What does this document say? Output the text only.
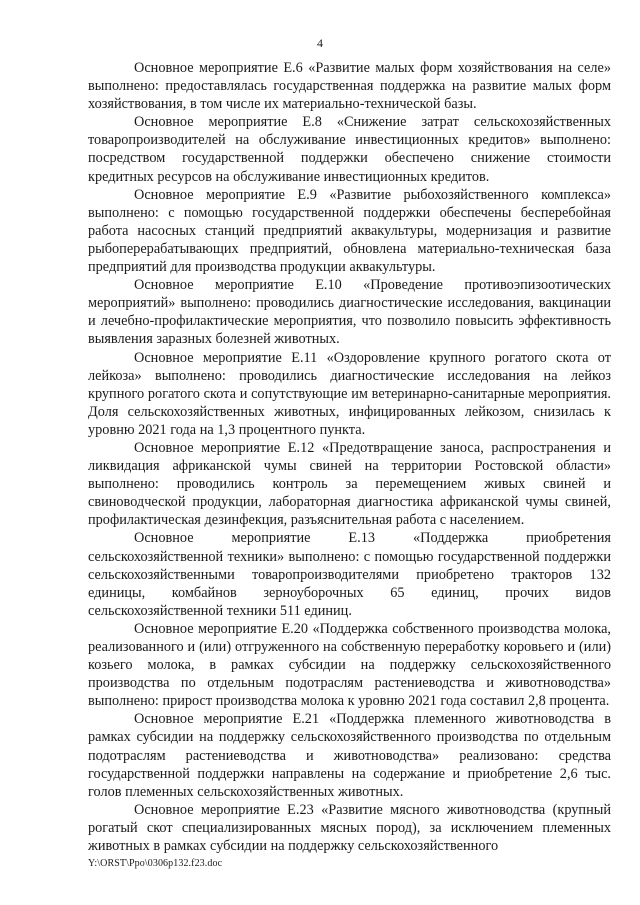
4

Основное мероприятие Е.6 «Развитие малых форм хозяйствования на селе» выполнено: предоставлялась государственная поддержка на развитие малых форм хозяйствования, в том числе их материально-технической базы.

Основное мероприятие Е.8 «Снижение затрат сельскохозяйственных товаропроизводителей на обслуживание инвестиционных кредитов» выполнено: посредством государственной поддержки обеспечено снижение стоимости кредитных ресурсов на обслуживание инвестиционных кредитов.

Основное мероприятие Е.9 «Развитие рыбохозяйственного комплекса» выполнено: с помощью государственной поддержки обеспечены бесперебойная работа насосных станций предприятий аквакультуры, модернизация и развитие рыбоперерабатывающих предприятий, обновлена материально-техническая база предприятий для производства продукции аквакультуры.

Основное мероприятие Е.10 «Проведение противоэпизоотических мероприятий» выполнено: проводились диагностические исследования, вакцинации и лечебно-профилактические мероприятия, что позволило повысить эффективность выявления заразных болезней животных.

Основное мероприятие Е.11 «Оздоровление крупного рогатого скота от лейкоза» выполнено: проводились диагностические исследования на лейкоз крупного рогатого скота и сопутствующие им ветеринарно-санитарные мероприятия. Доля сельскохозяйственных животных, инфицированных лейкозом, снизилась к уровню 2021 года на 1,3 процентного пункта.

Основное мероприятие Е.12 «Предотвращение заноса, распространения и ликвидация африканской чумы свиней на территории Ростовской области» выполнено: проводились контроль за перемещением живых свиней и свиноводческой продукции, лабораторная диагностика африканской чумы свиней, профилактическая дезинфекция, разъяснительная работа с населением.

Основное мероприятие Е.13 «Поддержка приобретения сельскохозяйственной техники» выполнено: с помощью государственной поддержки сельскохозяйственными товаропроизводителями приобретено тракторов 132 единицы, комбайнов зерноуборочных 65 единиц, прочих видов сельскохозяйственной техники 511 единиц.

Основное мероприятие Е.20 «Поддержка собственного производства молока, реализованного и (или) отгруженного на собственную переработку коровьего и (или) козьего молока, в рамках субсидии на поддержку сельскохозяйственного производства по отдельным подотраслям растениеводства и животноводства» выполнено: прирост производства молока к уровню 2021 года составил 2,8 процента.

Основное мероприятие Е.21 «Поддержка племенного животноводства в рамках субсидии на поддержку сельскохозяйственного производства по отдельным подотраслям растениеводства и животноводства» реализовано: средства государственной поддержки направлены на содержание и приобретение 2,6 тыс. голов племенных сельскохозяйственных животных.

Основное мероприятие Е.23 «Развитие мясного животноводства (крупный рогатый скот специализированных мясных пород), за исключением племенных животных в рамках субсидии на поддержку сельскохозяйственного

Y:\ORST\Ppo\0306p132.f23.doc
